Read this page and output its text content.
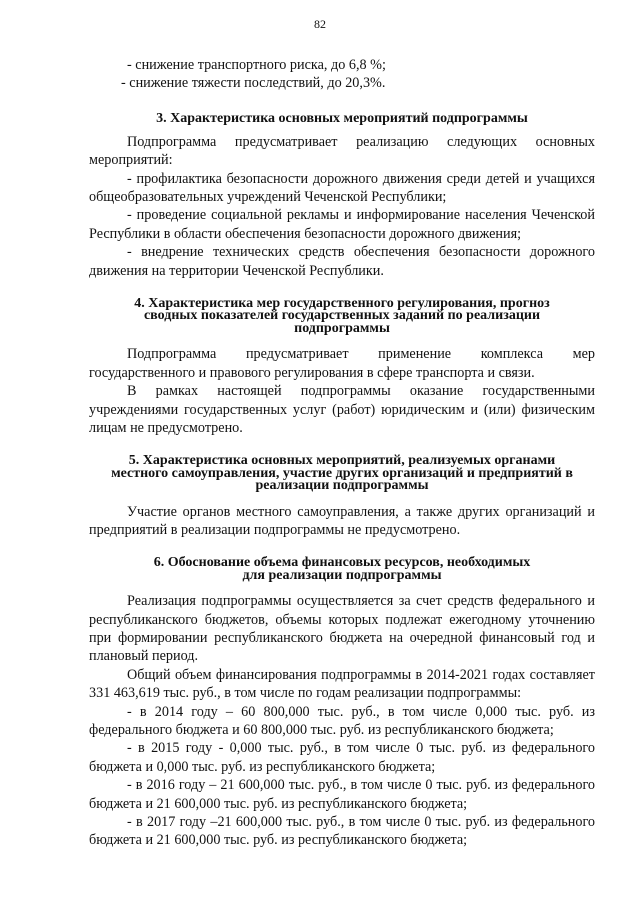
82

- снижение транспортного риска, до 6,8 %;

- снижение тяжести последствий, до 20,3%.

3. Характеристика основных мероприятий подпрограммы

Подпрограмма предусматривает реализацию следующих основных мероприятий:

- профилактика безопасности дорожного движения среди детей и учащихся общеобразовательных учреждений Чеченской Республики;

- проведение социальной рекламы и информирование населения Чеченской Республики в области обеспечения безопасности дорожного движения;

- внедрение технических средств обеспечения безопасности дорожного движения на территории Чеченской Республики.

4. Характеристика мер государственного регулирования, прогноз
сводных показателей государственных заданий по реализации
подпрограммы

Подпрограмма предусматривает применение комплекса мер государственного и правового регулирования в сфере транспорта и связи.

В рамках настоящей подпрограммы оказание государственными учреждениями государственных услуг (работ) юридическим и (или) физическим лицам не предусмотрено.

5. Характеристика основных мероприятий, реализуемых органами
местного самоуправления, участие других организаций и предприятий в
реализации подпрограммы

Участие органов местного самоуправления, а также других организаций и предприятий в реализации подпрограммы не предусмотрено.

6. Обоснование объема финансовых ресурсов, необходимых
для реализации подпрограммы

Реализация подпрограммы осуществляется за счет средств федерального и республиканского бюджетов, объемы которых подлежат ежегодному уточнению при формировании республиканского бюджета на очередной финансовый год и плановый период.

Общий объем финансирования подпрограммы в 2014-2021 годах составляет 331 463,619 тыс. руб., в том числе по годам реализации подпрограммы:

- в 2014 году – 60 800,000 тыс. руб., в том числе 0,000 тыс. руб. из федерального бюджета и 60 800,000 тыс. руб. из республиканского бюджета;

- в 2015 году - 0,000 тыс. руб., в том числе 0 тыс. руб. из федерального бюджета и 0,000 тыс. руб. из республиканского бюджета;

- в 2016 году – 21 600,000 тыс. руб., в том числе 0 тыс. руб. из федерального бюджета и 21 600,000 тыс. руб. из республиканского бюджета;

- в 2017 году –21 600,000 тыс. руб., в том числе 0 тыс. руб. из федерального бюджета и 21 600,000 тыс. руб. из республиканского бюджета;
